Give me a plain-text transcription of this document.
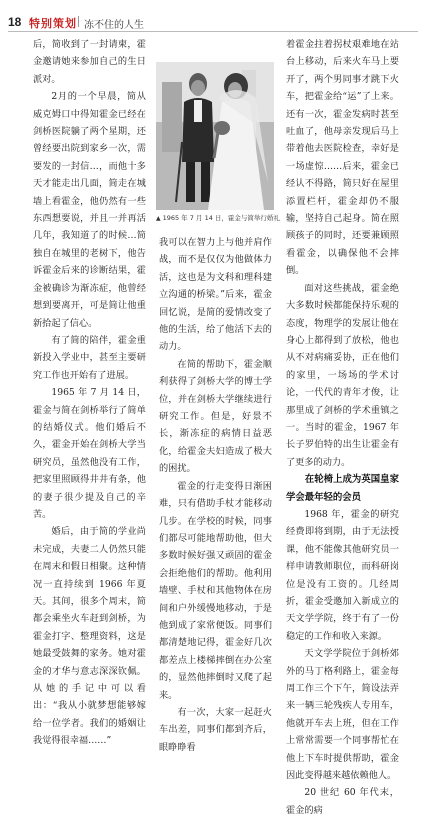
18 特别策划 冻不住的人生

后，简收到了一封请柬，霍金邀请她来参加自己的生日派对。

2月的一个早晨，简从威克姆口中得知霍金已经在剑桥医院躺了两个星期，还曾经要出院到家乡一次，需要发的一封信…，而他十多天才能走出几面，简走在城墙上看霍金，他仍然有一些东西想要说，并且一并再活几年，我知道了的时候…简独自在城里的老树下，他告诉霍金后来的诊断结果，霍金被确诊为渐冻症，他曾经想到要离开，可是简让他重新拾起了信心。

有了简的陪伴，霍金重新投入学业中，甚至主要研究工作也开始有了进展。

1965 年 7 月 14 日，霍金与简在剑桥举行了简单的结婚仪式。他们婚后不久，霍金开始在剑桥大学当研究员，虽然他没有工作，把家里照顾得井井有条，他的妻子很少提及自己的辛苦。

婚后，由于简的学业尚未完成，夫妻二人仍然只能在周末和假日相聚。这种情况一直持续到 1966 年夏天。其间，很多个周末，简都会乘坐火车赶到剑桥，为霍金打字、整理资料，这是她最受鼓舞的家务。她对霍金的才华与意志深深钦佩。从她的手记中可以看出：“我从小就梦想能够嫁给一位学者。我们的婚姻让我觉得很幸福……”

▲ 1965 年 7 月 14 日，霍金与简举行婚礼

我可以在智力上与他并肩作战，而不是仅仅为他做体力活，这也是为文科和理科建立沟通的桥梁。”后来，霍金回忆说，是简的爱情改变了他的生活，给了他活下去的动力。

在简的帮助下，霍金顺利获得了剑桥大学的博士学位，并在剑桥大学继续进行研究工作。但是，好景不长，渐冻症的病情日益恶化，给霍金夫妇造成了极大的困扰。

霍金的行走变得日渐困难，只有借助手杖才能移动几步。在学校的时候，同事们都尽可能地帮助他，但大多数时候好强又顽固的霍金会拒绝他们的帮助。他利用墙壁、手杖和其他物体在房间和户外缓慢地移动，于是他到成了家常便饭。同事们都清楚地记得，霍金好几次都差点上楼梯摔倒在办公室的，显然他摔倒时又爬了起来。

有一次，大家一起赶火车出差，同事们都到齐后，眼睁睁看

着霍金拄着拐杖艰难地在站台上移动，后来火车马上要开了，两个男同事才跳下火车，把霍金给“运”了上来。还有一次，霍金发病时甚至吐血了，他母亲发现后马上带着他去医院检查，幸好是一场虚惊……后来，霍金已经认不得路，简只好在屋里添置栏杆，霍金却仍不服输，坚持自己起身。简在照顾孩子的同时，还要兼顾照看霍金，以确保他不会摔倒。

面对这些挑战，霍金绝大多数时候都能保持乐观的态度，物理学的发展让他在身心上都得到了放松，他也从不对病痛妥协，正在他们的家里，一场场的学术讨论，一代代的青年才俊，让那里成了剑桥的学术重镇之一。当时的霍金，1967 年长子罗伯特的出生让霍金有了更多的动力。

在轮椅上成为英国皇家学会最年轻的会员

1968 年，霍金的研究经费即将到期，由于无法授课，他不能像其他研究员一样申请教师职位，而科研岗位是没有工资的。几经周折，霍金受邀加入新成立的天文学学院，终于有了一份稳定的工作和收入来源。

天文学学院位于剑桥郊外的马丁格利路上，霍金每周工作三个下午，简设法弄来一辆三轮残疾人专用车，他就开车去上班，但在工作上常常需要一个同事帮忙在他上下车时提供帮助，霍金因此变得越来越依赖他人。

20 世纪 60 年代末，霍金的病
